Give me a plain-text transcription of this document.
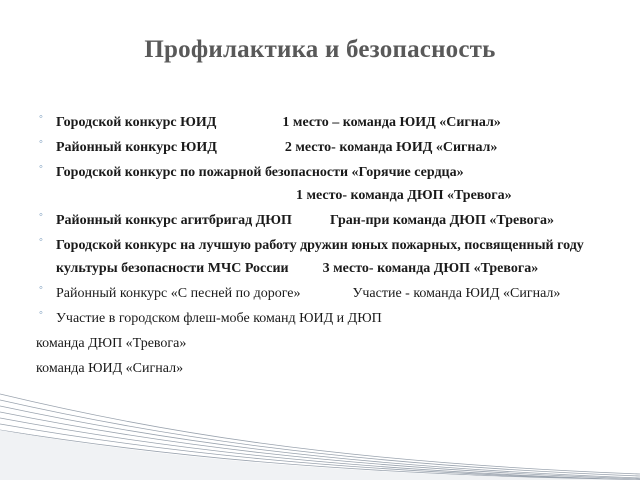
Профилактика и безопасность
◦ Городской конкурс ЮИД	1 место – команда ЮИД «Сигнал»
◦ Районный конкурс ЮИД	2 место- команда ЮИД «Сигнал»
◦ Городской конкурс по пожарной безопасности «Горячие сердца»
1 место- команда ДЮП «Тревога»
◦ Районный конкурс агитбригад ДЮП	Гран-при команда ДЮП «Тревога»
◦ Городской конкурс на лучшую работу дружин юных пожарных, посвященный году культуры безопасности МЧС России 3 место- команда ДЮП «Тревога»
◦ Районный конкурс «С песней по дороге»	Участие - команда ЮИД «Сигнал»
◦ Участие в городском флеш-мобе команд ЮИД и ДЮП
команда ДЮП «Тревога»
команда ЮИД «Сигнал»
